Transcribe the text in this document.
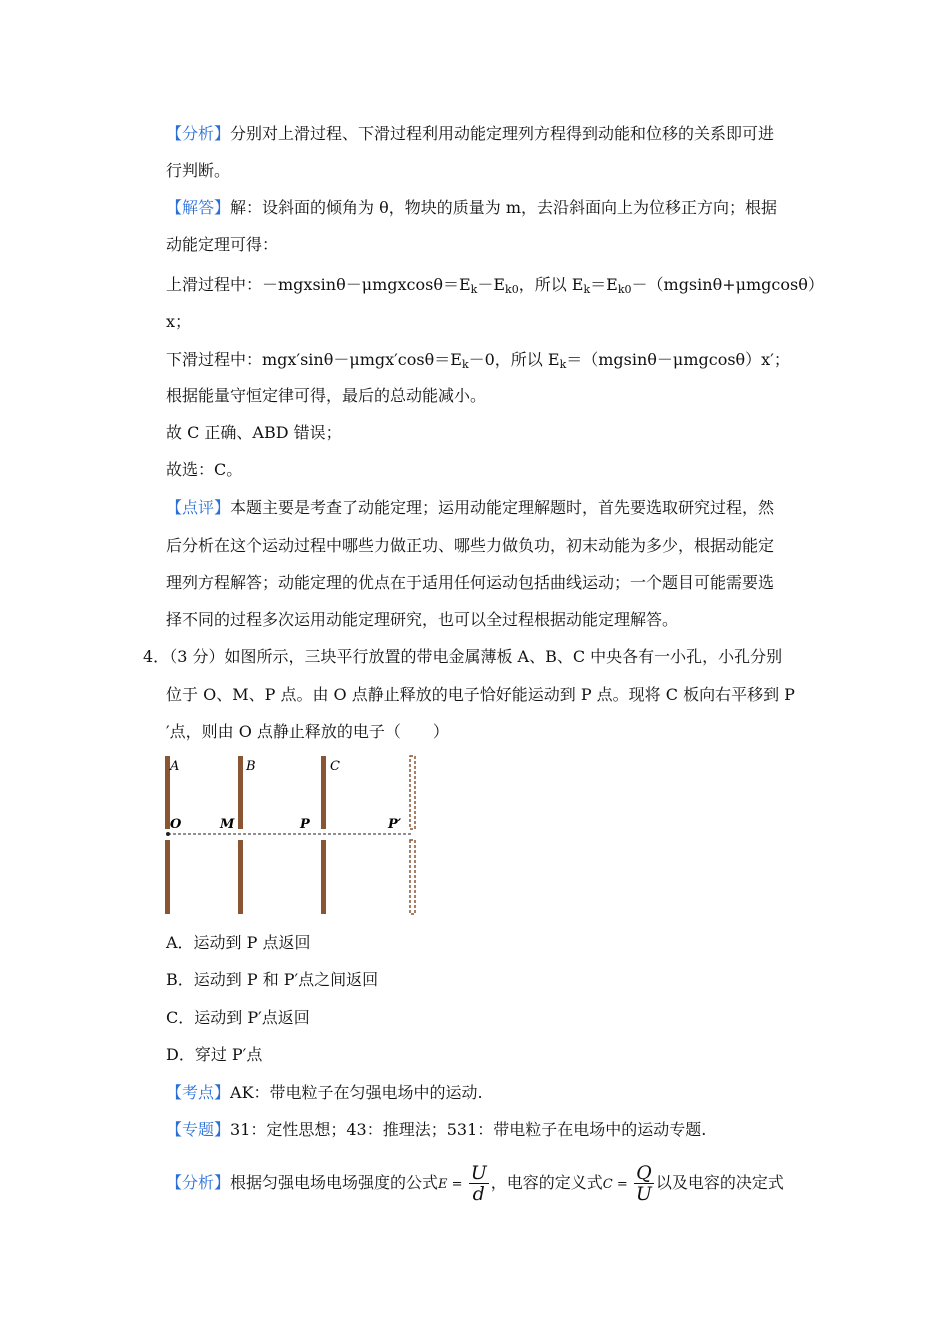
【分析】分别对上滑过程、下滑过程利用动能定理列方程得到动能和位移的关系即可进
行判断。
【解答】解：设斜面的倾角为 θ，物块的质量为 m，去沿斜面向上为位移正方向；根据
动能定理可得：
上滑过程中：$-mgxsin\theta-\mu mgxcos\theta=E_k-E_{k0}$，所以 $E_k=E_{k0}-(mgsin\theta+\mu mgcos\theta)$
x；
下滑过程中：$mgx'\sin\theta-\mu mgx'\cos\theta=E_k-0$，所以 $E_k=(mgsin\theta-\mu mgcos\theta)x'$；
根据能量守恒定律可得，最后的总动能减小。
故 C 正确、ABD 错误；
故选：C。
【点评】本题主要是考查了动能定理；运用动能定理解题时，首先要选取研究过程，然
后分析在这个运动过程中哪些力做正功、哪些力做负功，初末动能为多少，根据动能定
理列方程解答；动能定理的优点在于适用任何运动包括曲线运动；一个题目可能需要选
择不同的过程多次运用动能定理研究，也可以全过程根据动能定理解答。
4．（3 分）如图所示，三块平行放置的带电金属薄板 A、B、C 中央各有一小孔，小孔分别
位于 O、M、P 点。由 O 点静止释放的电子恰好能运动到 P 点。现将 C 板向右平移到 P
′点，则由 O 点静止释放的电子（　　）
A	B	C
O	M	P	P′
A．运动到 P 点返回
B．运动到 P 和 P′点之间返回
C．运动到 P′点返回
D．穿过 P′点
【考点】AK：带电粒子在匀强电场中的运动.
【专题】31：定性思想；43：推理法；531：带电粒子在电场中的运动专题.
【分析】根据匀强电场电场强度的公式$E = \frac{U}{d}$ ，电容的定义式$C = \frac{Q}{U}$ 以及电容的决定式
